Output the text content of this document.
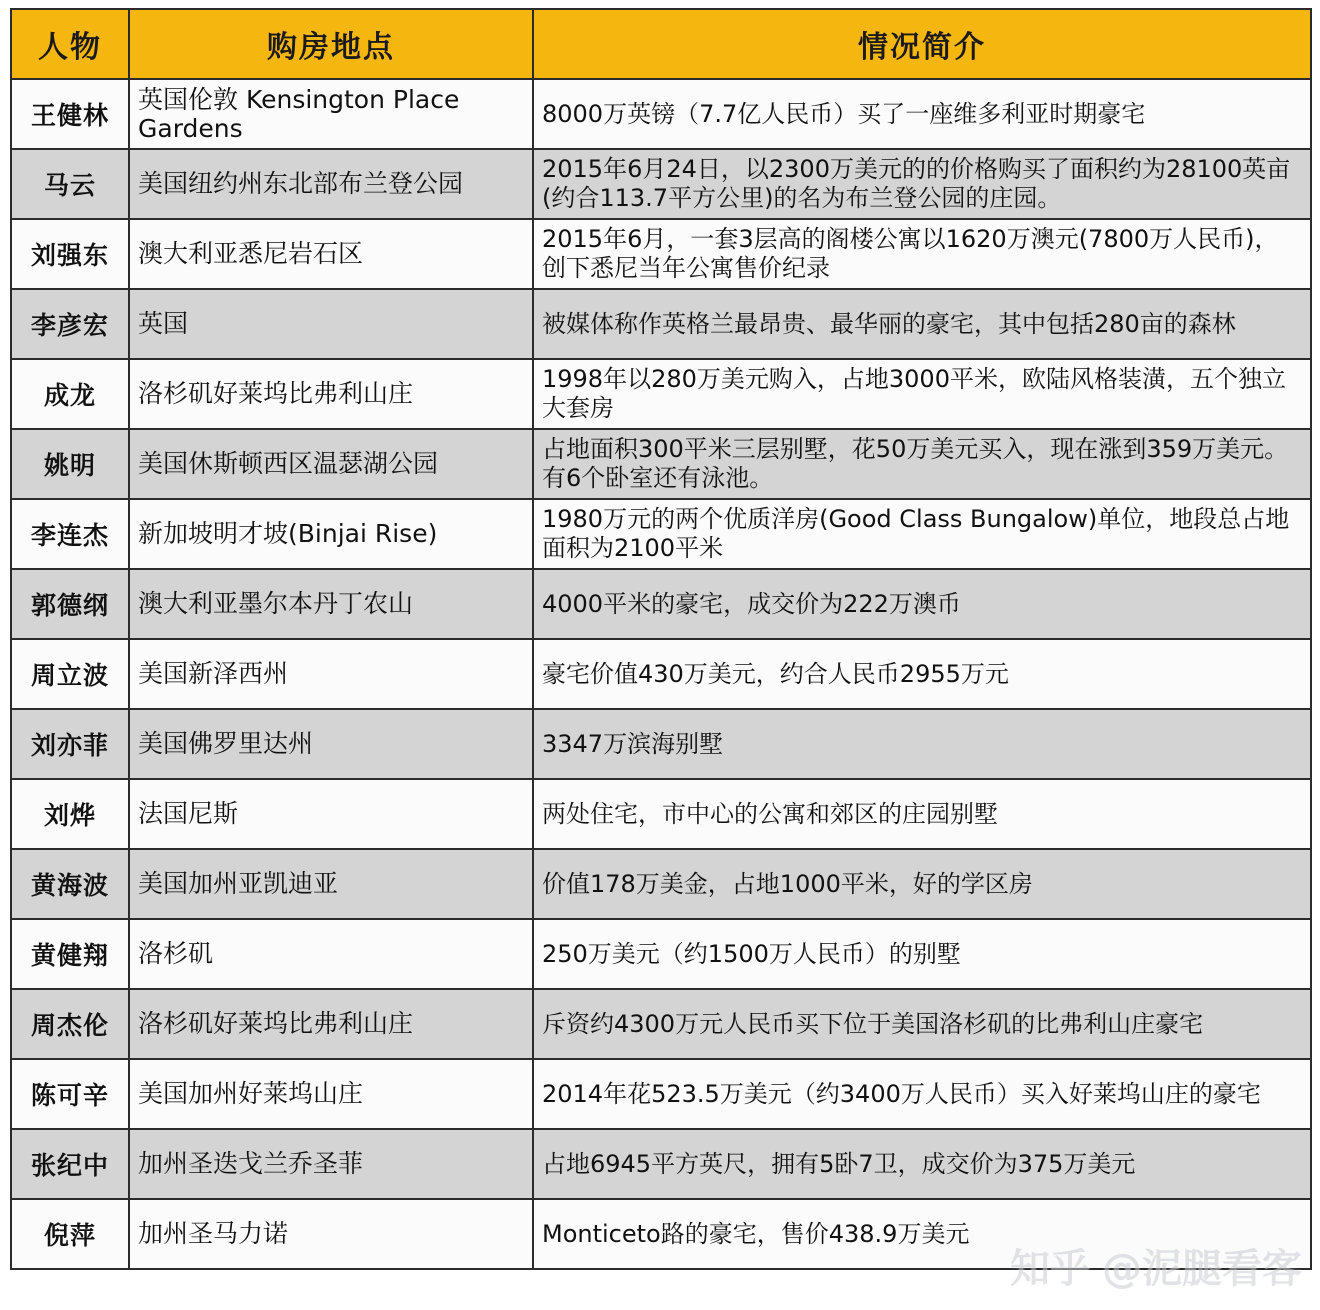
人物	购房地点	情况简介
王健林	英国伦敦 Kensington Place Gardens	8000万英镑（7.7亿人民币）买了一座维多利亚时期豪宅
马云	美国纽约州东北部布兰登公园	2015年6月24日，以2300万美元的的价格购买了面积约为28100英亩(约合113.7平方公里)的名为布兰登公园的庄园。
刘强东	澳大利亚悉尼岩石区	2015年6月，一套3层高的阁楼公寓以1620万澳元(7800万人民币)，创下悉尼当年公寓售价纪录
李彦宏	英国	被媒体称作英格兰最昂贵、最华丽的豪宅，其中包括280亩的森林
成龙	洛杉矶好莱坞比弗利山庄	1998年以280万美元购入，占地3000平米，欧陆风格装潢，五个独立大套房
姚明	美国休斯顿西区温瑟湖公园	占地面积300平米三层别墅，花50万美元买入，现在涨到359万美元。有6个卧室还有泳池。
李连杰	新加坡明才坡(Binjai Rise)	1980万元的两个优质洋房(Good Class Bungalow)单位，地段总占地面积为2100平米
郭德纲	澳大利亚墨尔本丹丁农山	4000平米的豪宅，成交价为222万澳币
周立波	美国新泽西州	豪宅价值430万美元，约合人民币2955万元
刘亦菲	美国佛罗里达州	3347万滨海别墅
刘烨	法国尼斯	两处住宅，市中心的公寓和郊区的庄园别墅
黄海波	美国加州亚凯迪亚	价值178万美金，占地1000平米，好的学区房
黄健翔	洛杉矶	250万美元（约1500万人民币）的别墅
周杰伦	洛杉矶好莱坞比弗利山庄	斥资约4300万元人民币买下位于美国洛杉矶的比弗利山庄豪宅
陈可辛	美国加州好莱坞山庄	2014年花523.5万美元（约3400万人民币）买入好莱坞山庄的豪宅
张纪中	加州圣迭戈兰乔圣菲	占地6945平方英尺，拥有5卧7卫，成交价为375万美元
倪萍	加州圣马力诺	Monticeto路的豪宅，售价438.9万美元
知乎 @泥腿看客
